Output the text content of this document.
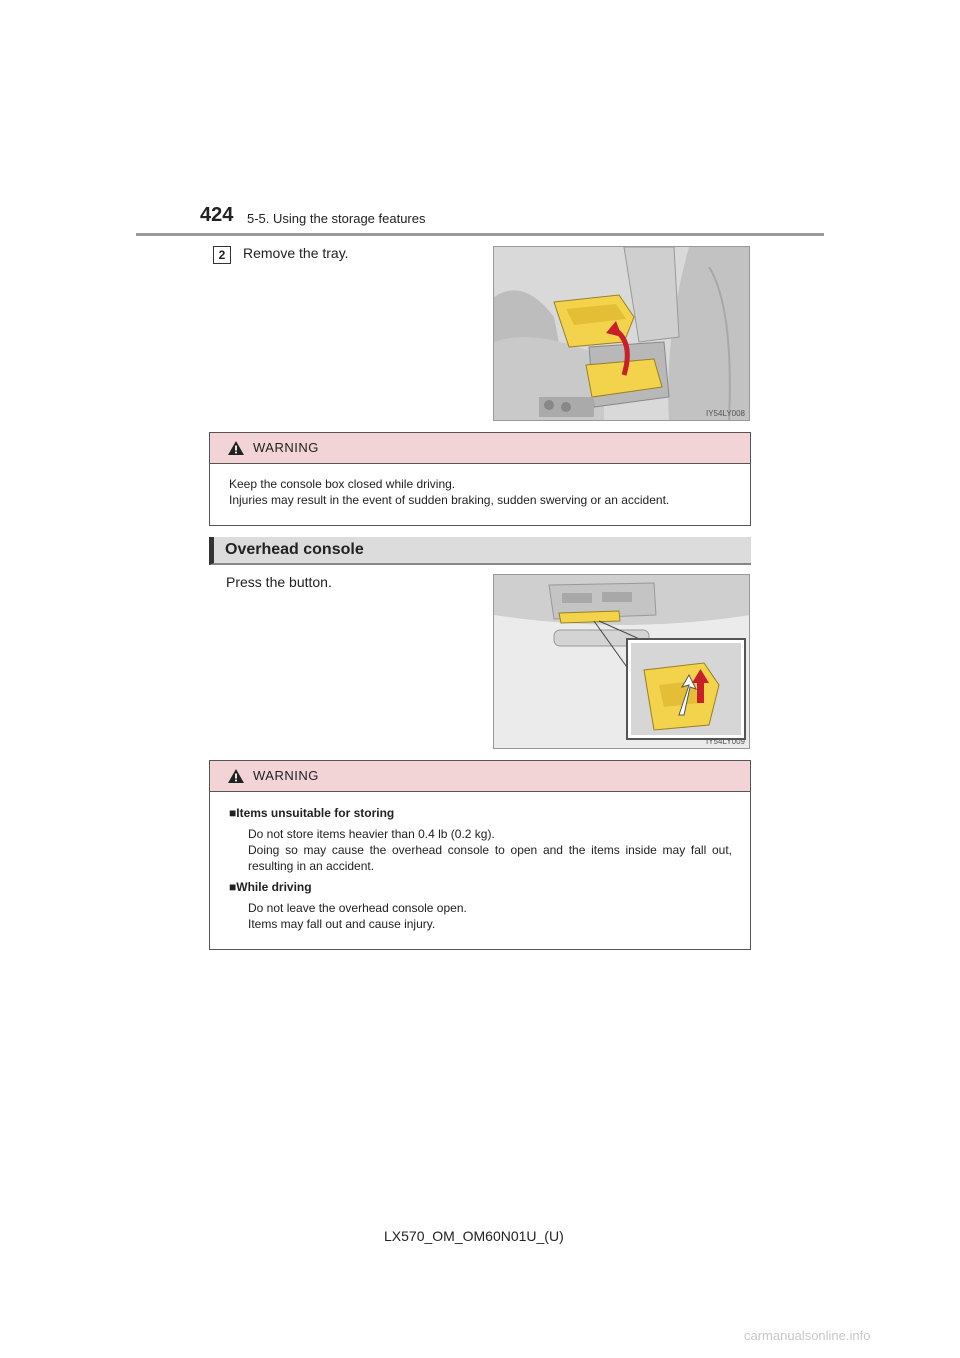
424 5-5. Using the storage features
2	Remove the tray.
IY54LY008
WARNING

Keep the console box closed while driving.

Injuries may result in the event of sudden braking, sudden swerving or an accident.

Overhead console
Press the button.
IY54LY009
WARNING

■Items unsuitable for storing

Do not store items heavier than 0.4 lb (0.2 kg).

Doing so may cause the overhead console to open and the items inside may fall out, resulting in an accident.

■While driving

Do not leave the overhead console open.

Items may fall out and cause injury.

LX570_OM_OM60N01U_(U)
carmanualsonline.info
